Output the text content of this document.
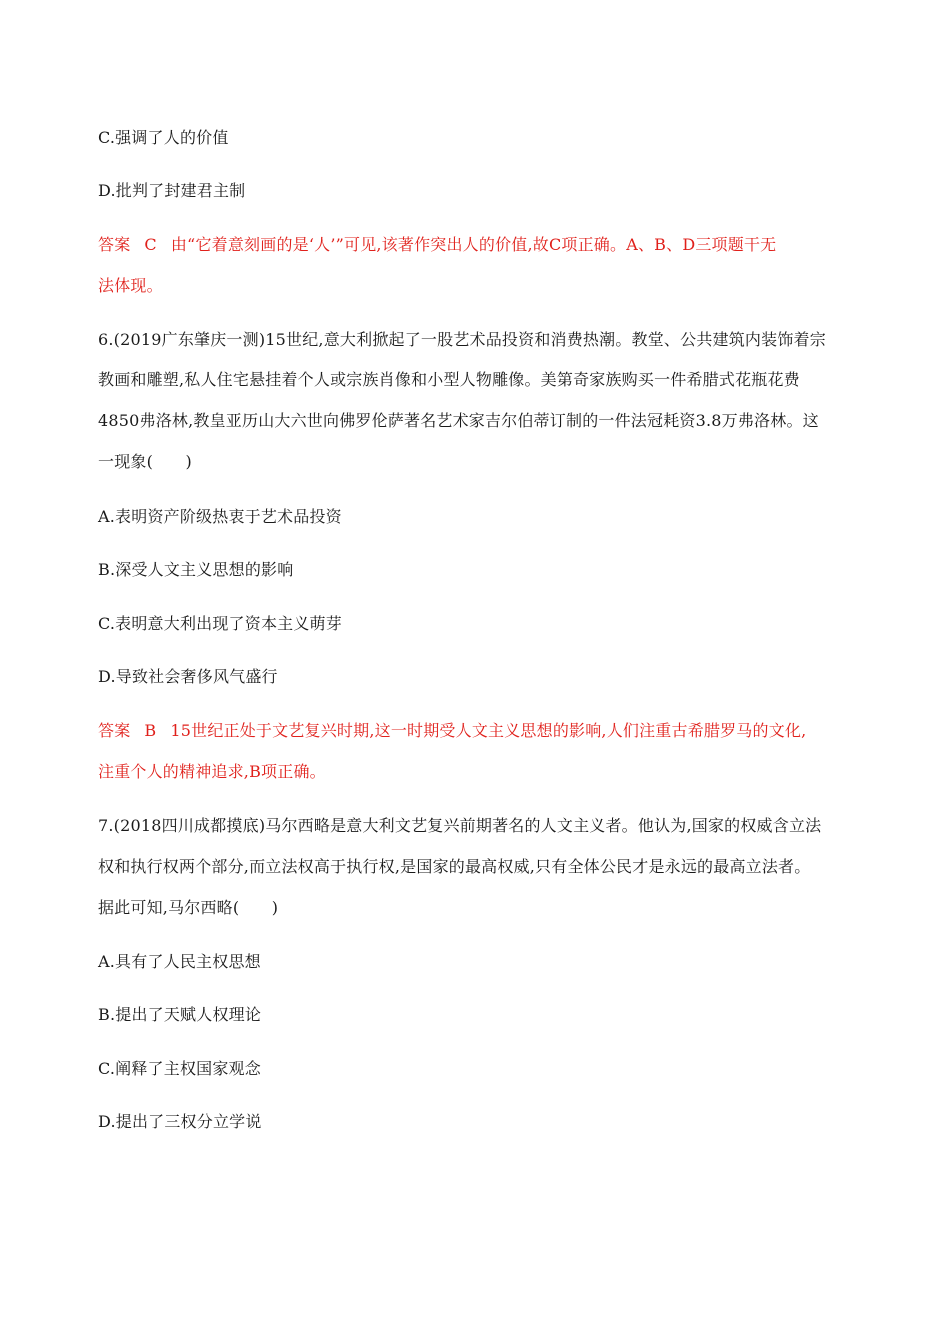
C.强调了人的价值
D.批判了封建君主制
答案 C 由“它着意刻画的是‘人’”可见,该著作突出人的价值,故C项正确。A、B、D三项题干无
法体现。
6.(2019广东肇庆一测)15世纪,意大利掀起了一股艺术品投资和消费热潮。教堂、公共建筑内装饰着宗
教画和雕塑,私人住宅悬挂着个人或宗族肖像和小型人物雕像。美第奇家族购买一件希腊式花瓶花费
4850弗洛林,教皇亚历山大六世向佛罗伦萨著名艺术家吉尔伯蒂订制的一件法冠耗资3.8万弗洛林。这
一现象(　　)
A.表明资产阶级热衷于艺术品投资
B.深受人文主义思想的影响
C.表明意大利出现了资本主义萌芽
D.导致社会奢侈风气盛行
答案 B 15世纪正处于文艺复兴时期,这一时期受人文主义思想的影响,人们注重古希腊罗马的文化,
注重个人的精神追求,B项正确。
7.(2018四川成都摸底)马尔西略是意大利文艺复兴前期著名的人文主义者。他认为,国家的权威含立法
权和执行权两个部分,而立法权高于执行权,是国家的最高权威,只有全体公民才是永远的最高立法者。
据此可知,马尔西略(　　)
A.具有了人民主权思想
B.提出了天赋人权理论
C.阐释了主权国家观念
D.提出了三权分立学说
